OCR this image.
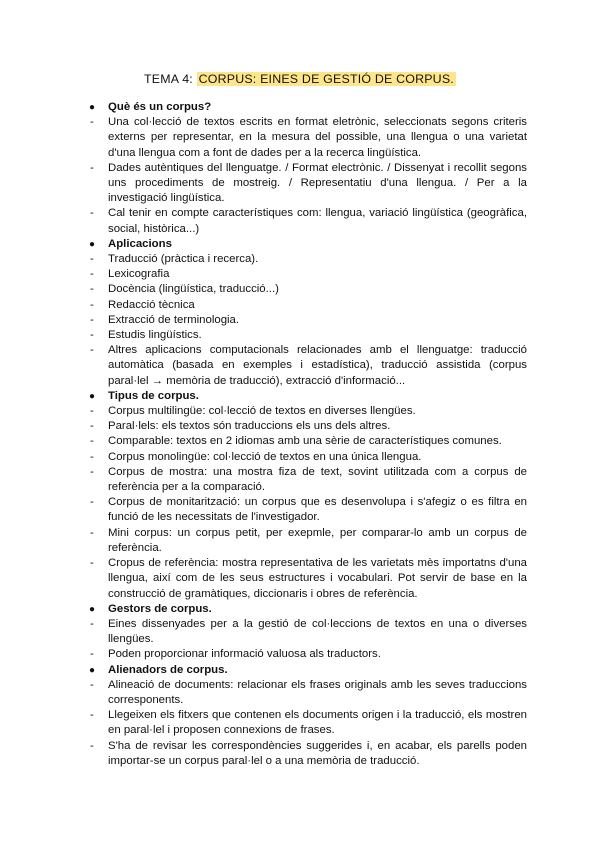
TEMA 4: CORPUS: EINES DE GESTIÓ DE CORPUS.
● Què és un corpus?
- Una col·lecció de textos escrits en format eletrònic, seleccionats segons criteris externs per representar, en la mesura del possible, una llengua o una varietat d'una llengua com a font de dades per a la recerca lingüística.
- Dades autèntiques del llenguatge. / Format electrònic. / Dissenyat i recollit segons uns procediments de mostreig. / Representatiu d'una llengua. / Per a la investigació lingüística.
- Cal tenir en compte característiques com: llengua, variació lingüística (geogràfica, social, històrica...)
● Aplicacions
- Traducció (pràctica i recerca).
- Lexicografia
- Docència (lingüística, traducció...)
- Redacció tècnica
- Extracció de terminologia.
- Estudis lingüístics.
- Altres aplicacions computacionals relacionades amb el llenguatge: traducció automàtica (basada en exemples i estadística), traducció assistida (corpus paral·lel → memòria de traducció), extracció d'informació...
● Tipus de corpus.
- Corpus multilingüe: col·lecció de textos en diverses llengües.
- Paral·lels: els textos són traduccions els uns dels altres.
- Comparable: textos en 2 idiomas amb una sèrie de característiques comunes.
- Corpus monolingüe: col·lecció de textos en una única llengua.
- Corpus de mostra: una mostra fiza de text, sovint utilitzada com a corpus de referència per a la comparació.
- Corpus de monitarització: un corpus que es desenvolupa i s'afegiz o es filtra en funció de les necessitats de l'investigador.
- Mini corpus: un corpus petit, per exepmle, per comparar-lo amb un corpus de referència.
- Cropus de referència: mostra representativa de les varietats mès importatns d'una llengua, així com de les seus estructures i vocabulari. Pot servir de base en la construcció de gramàtiques, diccionaris i obres de referència.
● Gestors de corpus.
- Eines dissenyades per a la gestió de col·leccions de textos en una o diverses llengües.
- Poden proporcionar informació valuosa als traductors.
● Alienadors de corpus.
- Alineació de documents: relacionar els frases originals amb les seves traduccions corresponents.
- Llegeixen els fitxers que contenen els documents origen i la traducció, els mostren en paral·lel i proposen connexions de frases.
- S'ha de revisar les correspondències suggerides i, en acabar, els parells poden importar-se un corpus paral·lel o a una memòria de traducció.
